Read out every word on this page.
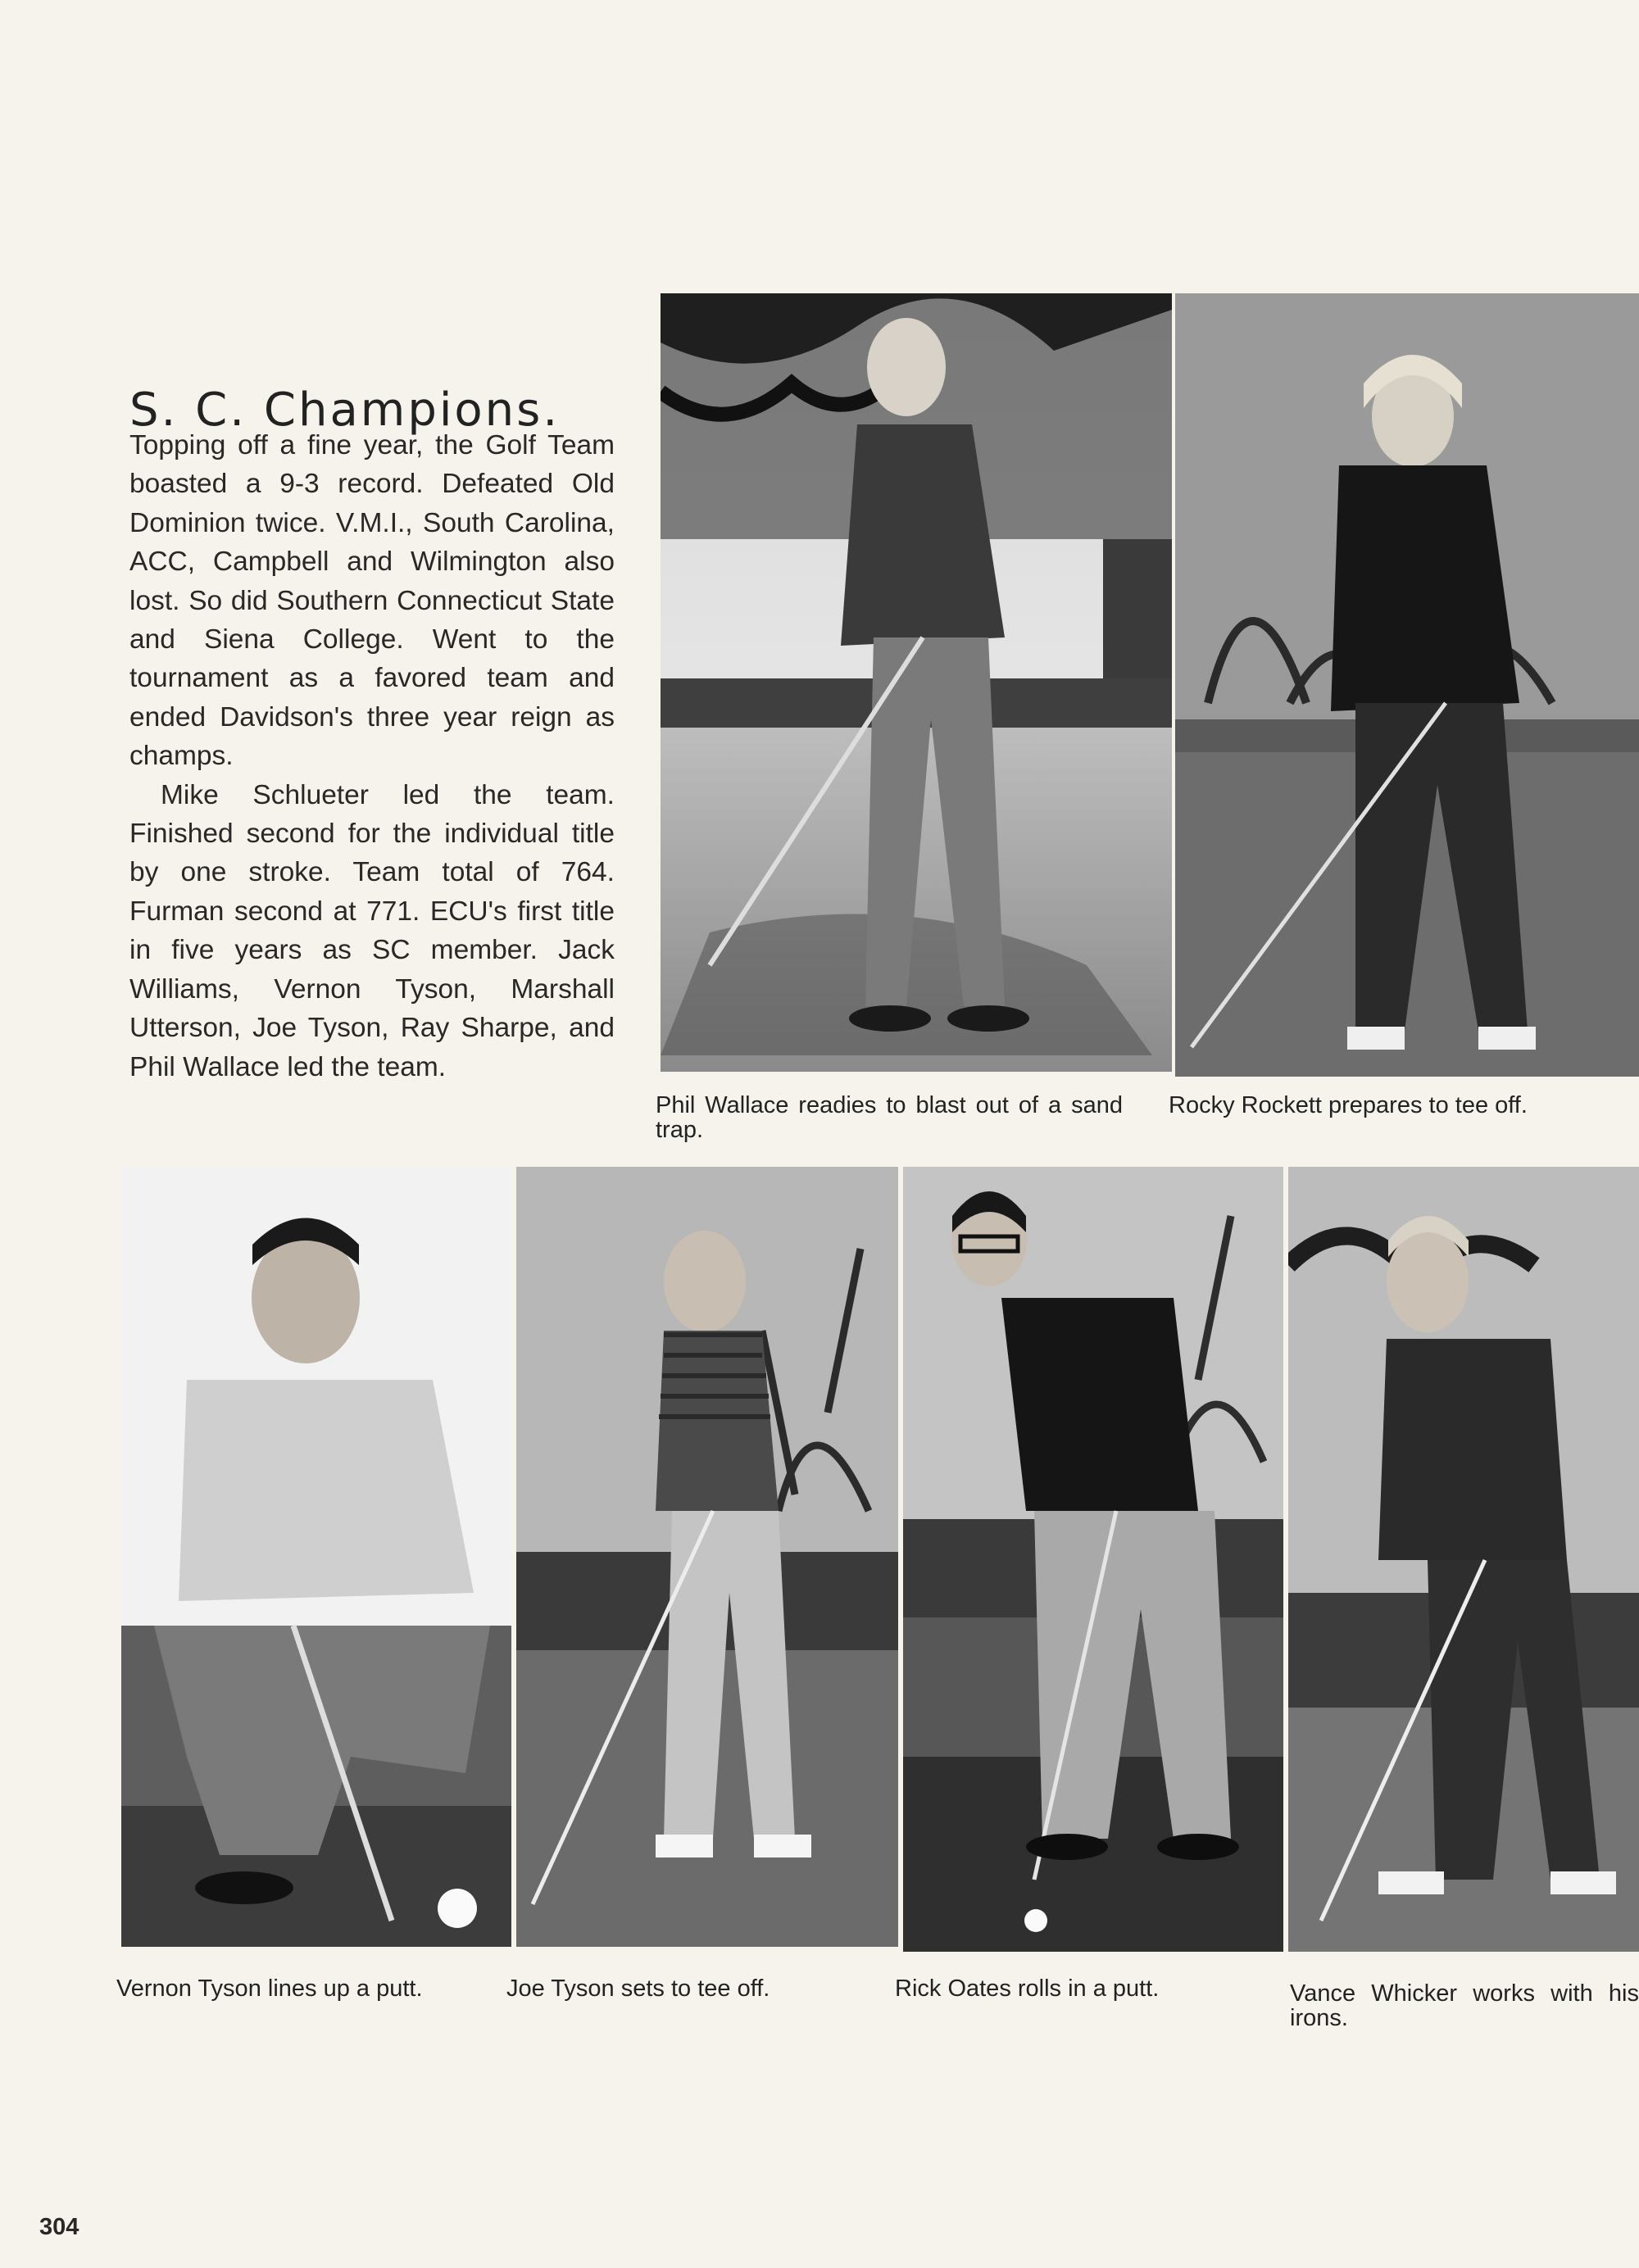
S. C. Champions.

Topping off a fine year, the Golf Team boasted a 9-3 record. Defeated Old Dominion twice. V.M.I., South Carolina, ACC, Campbell and Wilmington also lost. So did Southern Connecticut State and Siena College. Went to the tournament as a favored team and ended Davidson's three year reign as champs.

Mike Schlueter led the team. Finished second for the individual title by one stroke. Team total of 764. Furman second at 771. ECU's first title in five years as SC member. Jack Williams, Vernon Tyson, Marshall Utterson, Joe Tyson, Ray Sharpe, and Phil Wallace led the team.

Phil Wallace readies to blast out of a sand trap.

Rocky Rockett prepares to tee off.

Vernon Tyson lines up a putt.	Joe Tyson sets to tee off.	Rick Oates rolls in a putt.	Vance Whicker works with his irons.

304
